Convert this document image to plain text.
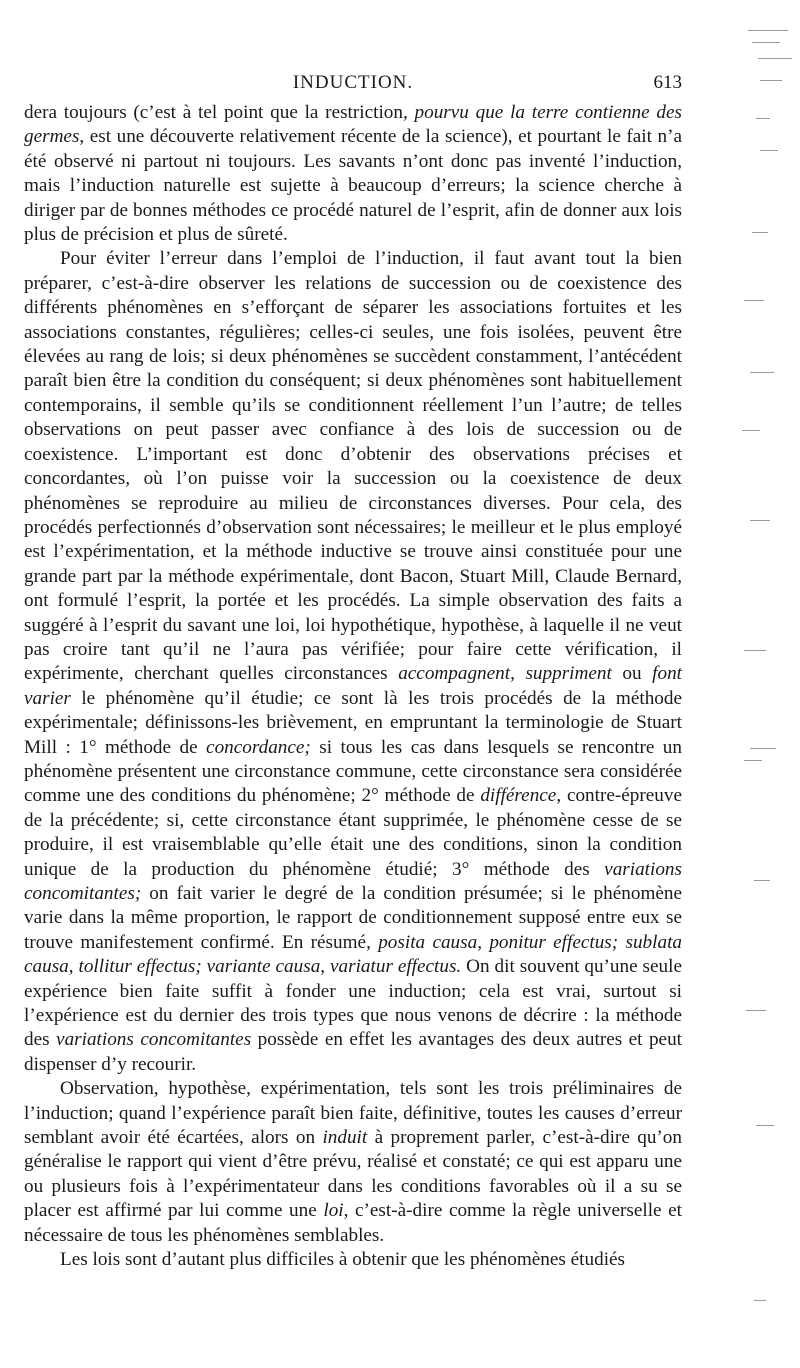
INDUCTION.	613

dera toujours (c’est à tel point que la restriction, pourvu que la terre contienne des germes, est une découverte relativement récente de la science), et pourtant le fait n’a été observé ni partout ni toujours. Les savants n’ont donc pas inventé l’induction, mais l’induction naturelle est sujette à beaucoup d’erreurs; la science cherche à diriger par de bonnes méthodes ce procédé naturel de l’esprit, afin de donner aux lois plus de précision et plus de sûreté.

Pour éviter l’erreur dans l’emploi de l’induction, il faut avant tout la bien préparer, c’est-à-dire observer les relations de succession ou de coexistence des différents phénomènes en s’efforçant de séparer les associations fortuites et les associations constantes, régulières; celles-ci seules, une fois isolées, peuvent être élevées au rang de lois; si deux phénomènes se succèdent constamment, l’antécédent paraît bien être la condition du conséquent; si deux phénomènes sont habituellement contemporains, il semble qu’ils se conditionnent réellement l’un l’autre; de telles observations on peut passer avec confiance à des lois de succession ou de coexistence. L’important est donc d’obtenir des observations précises et concordantes, où l’on puisse voir la succession ou la coexistence de deux phénomènes se reproduire au milieu de circonstances diverses. Pour cela, des procédés perfectionnés d’observation sont nécessaires; le meilleur et le plus employé est l’expérimentation, et la méthode inductive se trouve ainsi constituée pour une grande part par la méthode expérimentale, dont Bacon, Stuart Mill, Claude Bernard, ont formulé l’esprit, la portée et les procédés. La simple observation des faits a suggéré à l’esprit du savant une loi, loi hypothétique, hypothèse, à laquelle il ne veut pas croire tant qu’il ne l’aura pas vérifiée; pour faire cette vérification, il expérimente, cherchant quelles circonstances accompagnent, suppriment ou font varier le phénomène qu’il étudie; ce sont là les trois procédés de la méthode expérimentale; définissons-les brièvement, en empruntant la terminologie de Stuart Mill : 1° méthode de concordance; si tous les cas dans lesquels se rencontre un phénomène présentent une circonstance commune, cette circonstance sera considérée comme une des conditions du phénomène; 2° méthode de différence, contre-épreuve de la précédente; si, cette circonstance étant supprimée, le phénomène cesse de se produire, il est vraisemblable qu’elle était une des conditions, sinon la condition unique de la production du phénomène étudié; 3° méthode des variations concomitantes; on fait varier le degré de la condition présumée; si le phénomène varie dans la même proportion, le rapport de conditionnement supposé entre eux se trouve manifestement confirmé. En résumé, posita causa, ponitur effectus; sublata causa, tollitur effectus; variante causa, variatur effectus. On dit souvent qu’une seule expérience bien faite suffit à fonder une induction; cela est vrai, surtout si l’expérience est du dernier des trois types que nous venons de décrire : la méthode des variations concomitantes possède en effet les avantages des deux autres et peut dispenser d’y recourir.

Observation, hypothèse, expérimentation, tels sont les trois préliminaires de l’induction; quand l’expérience paraît bien faite, définitive, toutes les causes d’erreur semblant avoir été écartées, alors on induit à proprement parler, c’est-à-dire qu’on généralise le rapport qui vient d’être prévu, réalisé et constaté; ce qui est apparu une ou plusieurs fois à l’expérimentateur dans les conditions favorables où il a su se placer est affirmé par lui comme une loi, c’est-à-dire comme la règle universelle et nécessaire de tous les phénomènes semblables.

Les lois sont d’autant plus difficiles à obtenir que les phénomènes étudiés
